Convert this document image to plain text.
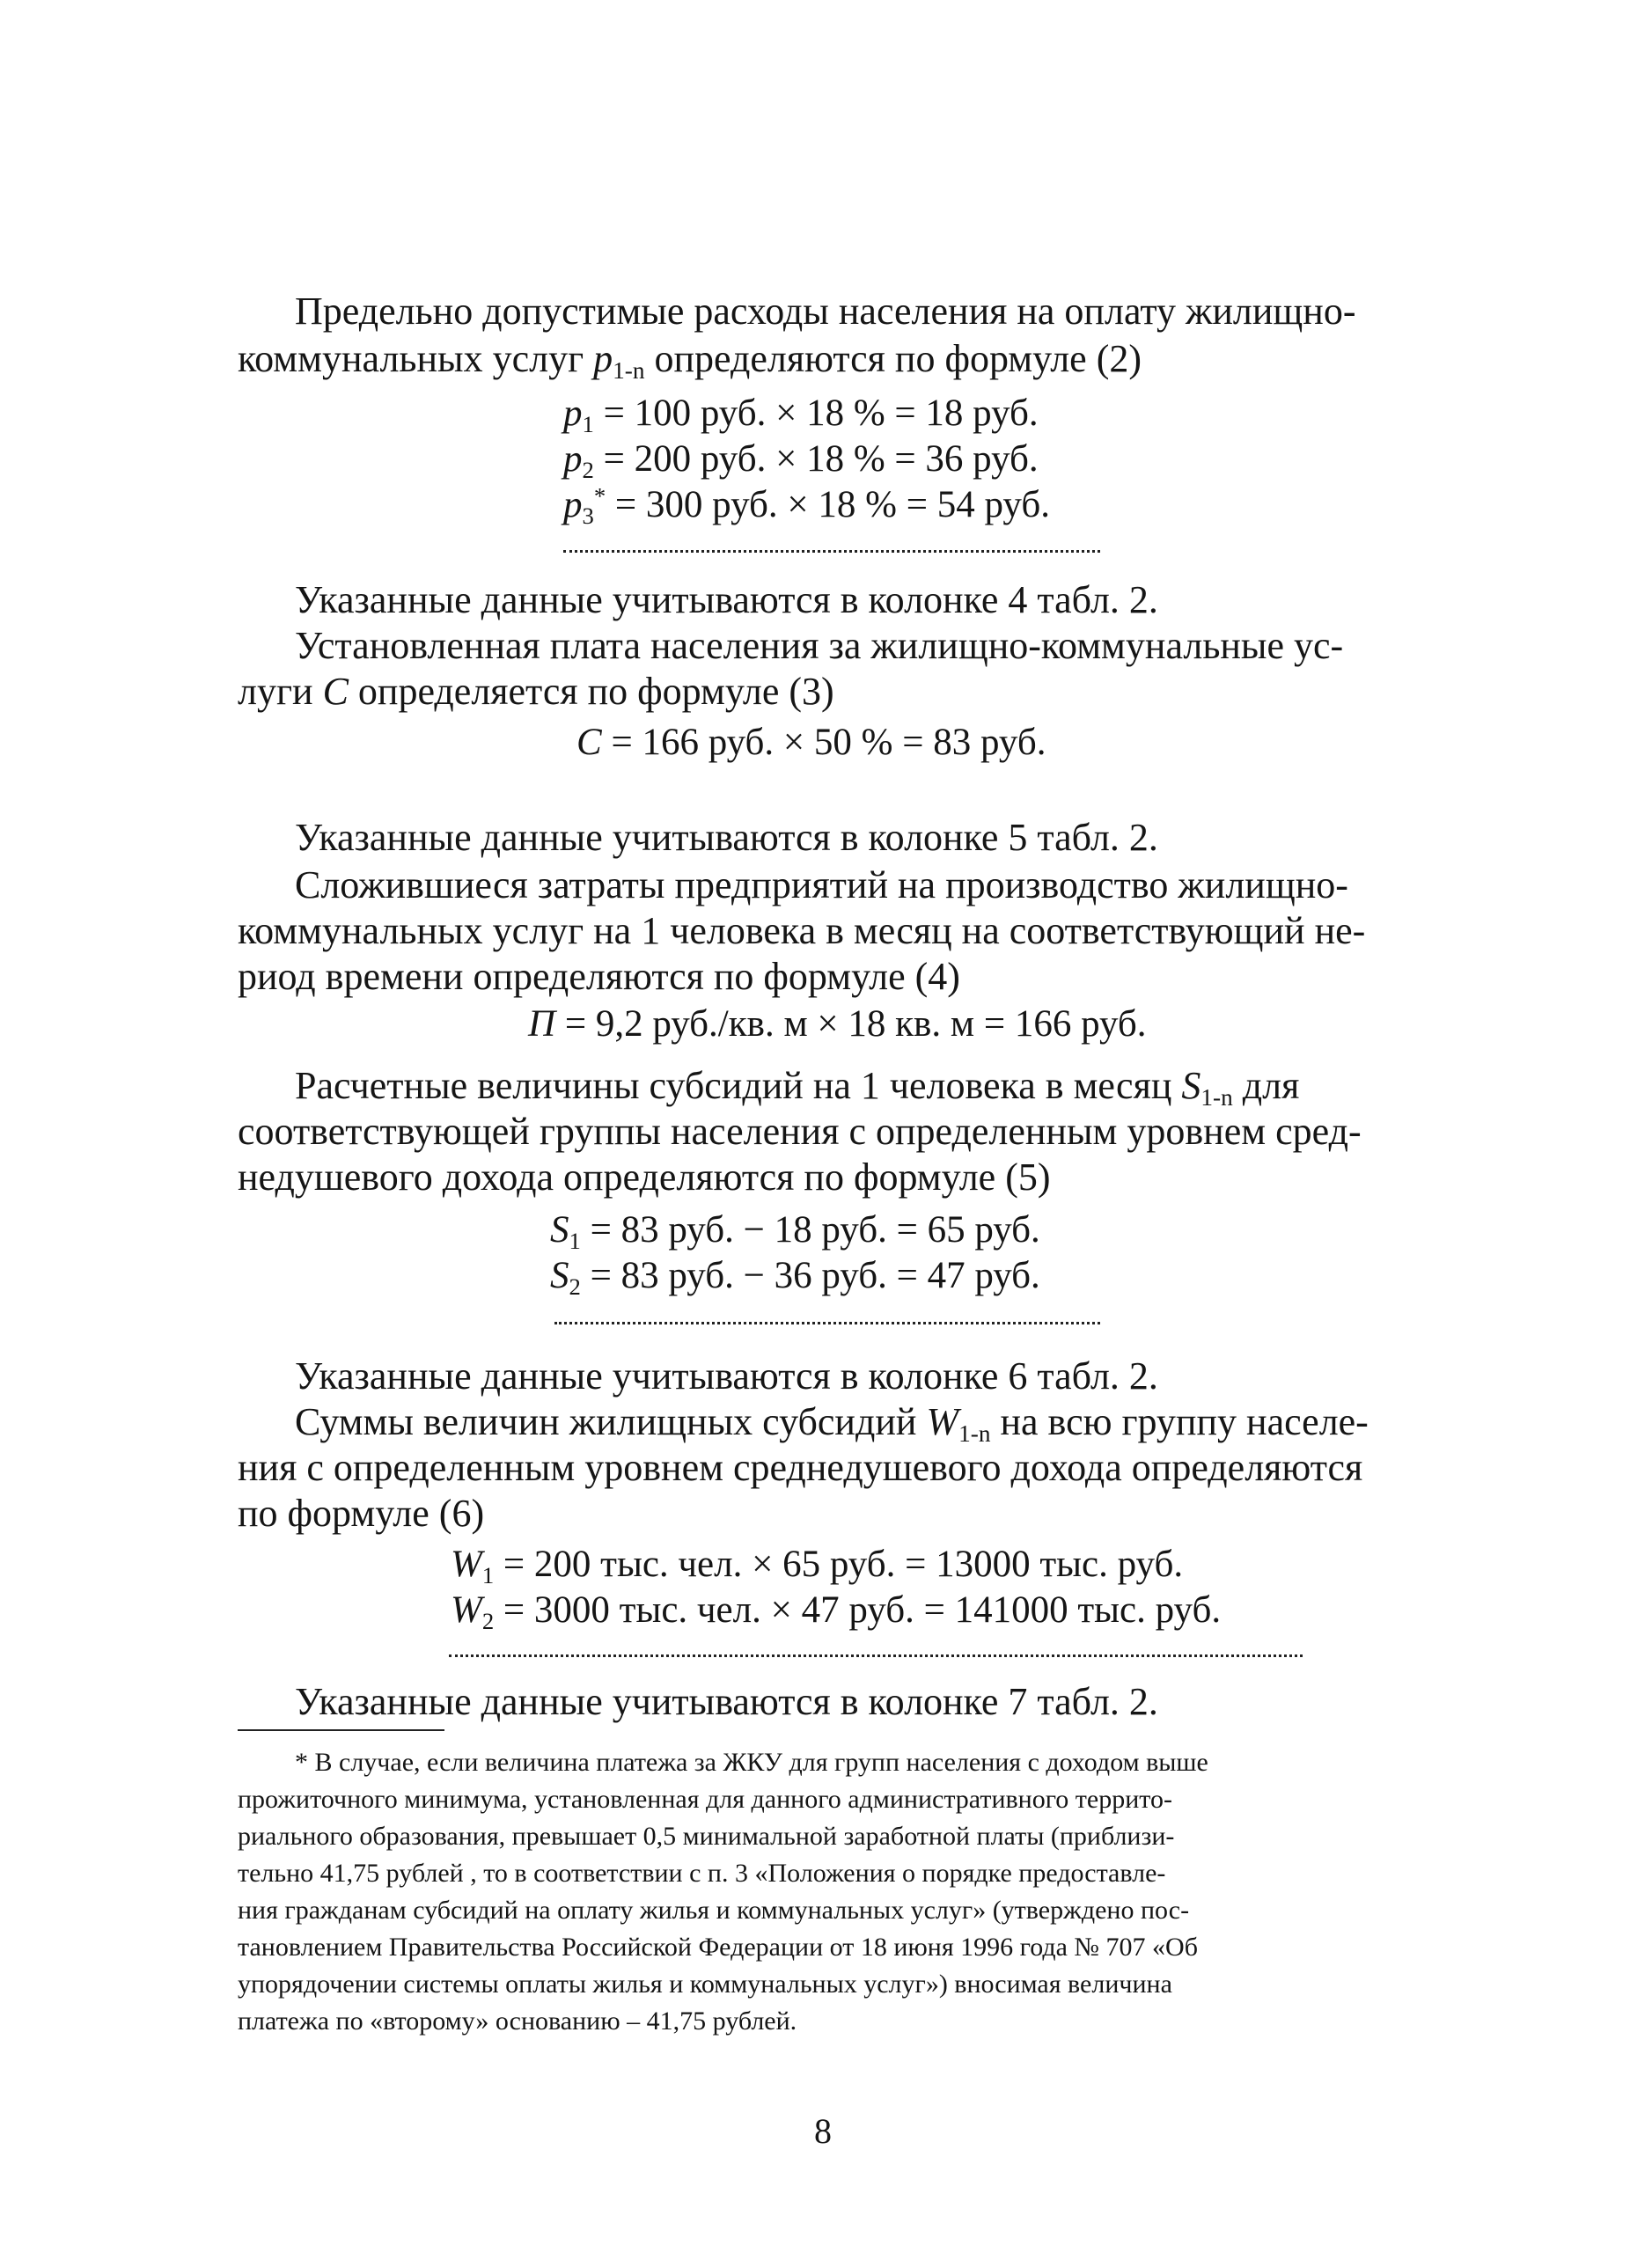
Предельно допустимые расходы населения на оплату жилищно-
коммунальных услуг $p_{1-n}$ определяются по формуле (2)
$p_1 = 100$ руб. × 18 % = 18 руб.
$p_2 = 200$ руб. × 18 % = 36 руб.
$p_3^* = 300$ руб. × 18 % = 54 руб.
Указанные данные учитываются в колонке 4 табл. 2.
Установленная плата населения за жилищно-коммунальные ус-
луги C определяется по формуле (3)
C = 166 руб. × 50 % = 83 руб.
Указанные данные учитываются в колонке 5 табл. 2.
Сложившиеся затраты предприятий на производство жилищно-
коммунальных услуг на 1 человека в месяц на соответствующий не-
риод времени определяются по формуле (4)
П = 9,2 руб./кв. м × 18 кв. м = 166 руб.
Расчетные величины субсидий на 1 человека в месяц $S_{1-n}$ для
соответствующей группы населения с определенным уровнем сред-
недушевого дохода определяются по формуле (5)
$S_1 = 83$ руб. − 18 руб. = 65 руб.
$S_2 = 83$ руб. − 36 руб. = 47 руб.
Указанные данные учитываются в колонке 6 табл. 2.
Суммы величин жилищных субсидий $W_{1-n}$ на всю группу населе-
ния с определенным уровнем среднедушевого дохода определяются
по формуле (6)
$W_1 = 200$ тыс. чел. × 65 руб. = 13000 тыс. руб.
$W_2 = 3000$ тыс. чел. × 47 руб. = 141000 тыс. руб.
Указанные данные учитываются в колонке 7 табл. 2.
* В случае, если величина платежа за ЖКУ для групп населения с доходом выше
прожиточного минимума, установленная для данного административного террито-
риального образования, превышает 0,5 минимальной заработной платы (приблизи-
тельно 41,75 рублей , то в соответствии с п. 3 «Положения о порядке предоставле-
ния гражданам субсидий на оплату жилья и коммунальных услуг» (утверждено пос-
тановлением Правительства Российской Федерации от 18 июня 1996 года № 707 «Об
упорядочении системы оплаты жилья и коммунальных услуг») вносимая величина
платежа по «второму» основанию – 41,75 рублей.
8
